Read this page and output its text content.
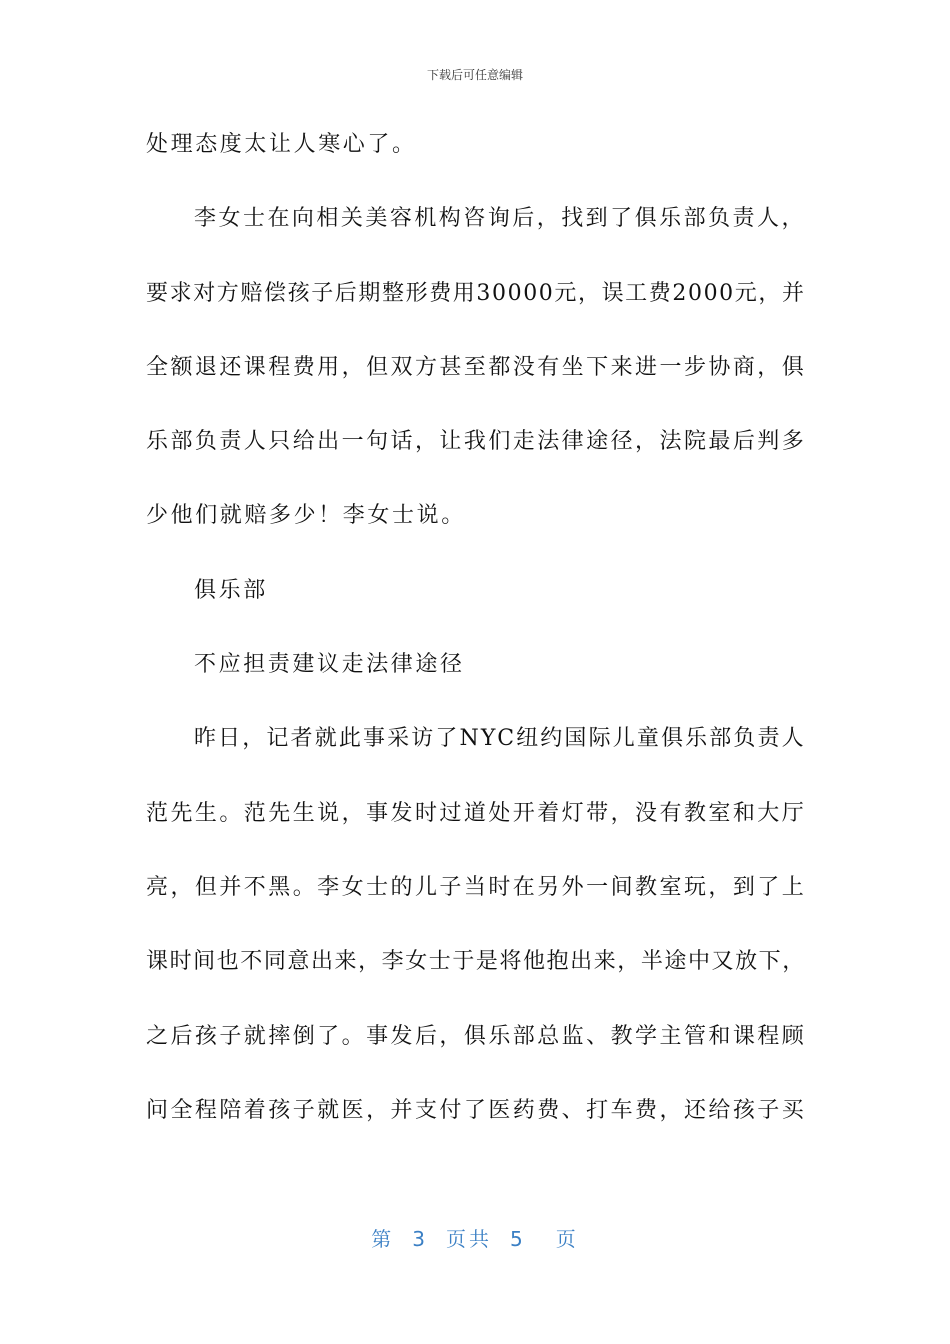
下载后可任意编辑
处理态度太让人寒心了。
李女士在向相关美容机构咨询后，找到了俱乐部负责人，
要求对方赔偿孩子后期整形费用30000元，误工费2000元，并
全额退还课程费用，但双方甚至都没有坐下来进一步协商，俱
乐部负责人只给出一句话，让我们走法律途径，法院最后判多
少他们就赔多少！李女士说。
俱乐部
不应担责建议走法律途径
昨日，记者就此事采访了NYC纽约国际儿童俱乐部负责人
范先生。范先生说，事发时过道处开着灯带，没有教室和大厅
亮，但并不黑。李女士的儿子当时在另外一间教室玩，到了上
课时间也不同意出来，李女士于是将他抱出来，半途中又放下，
之后孩子就摔倒了。事发后，俱乐部总监、教学主管和课程顾
问全程陪着孩子就医，并支付了医药费、打车费，还给孩子买
第 3 页共 5 页
